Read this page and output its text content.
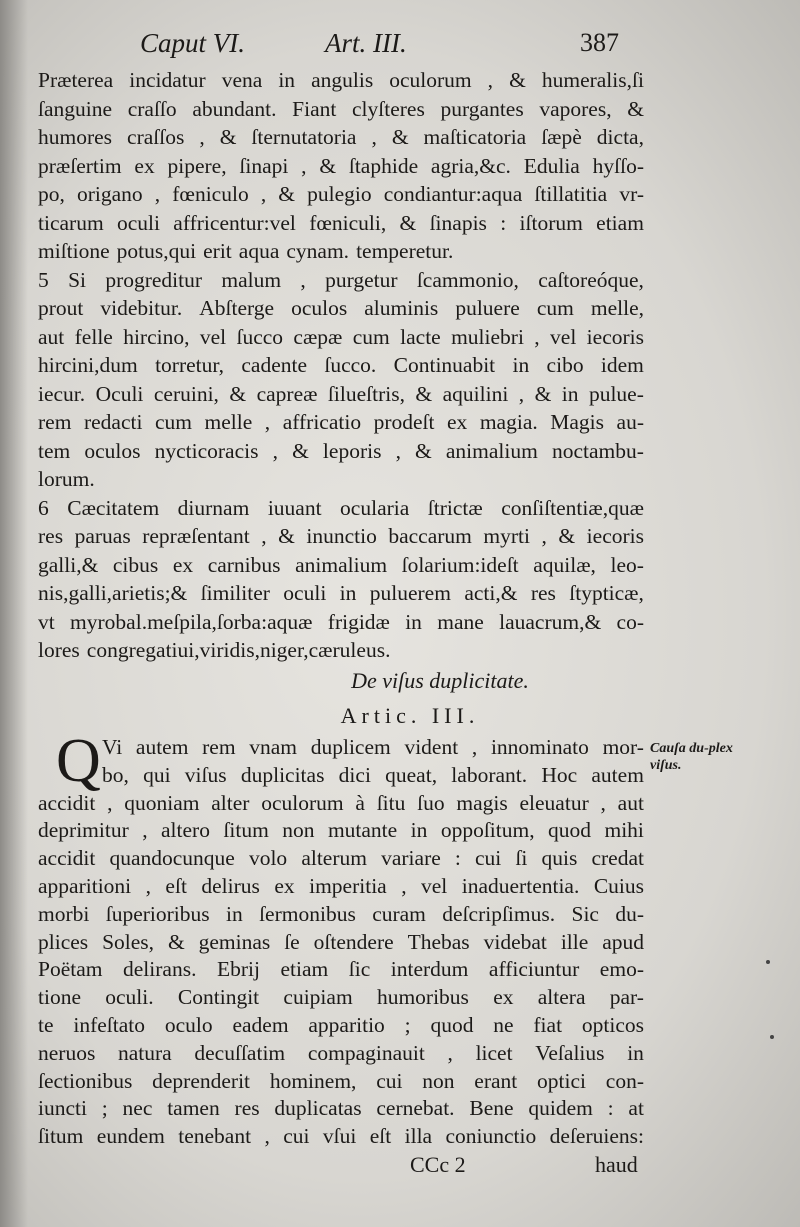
Caput VI.	Art. III.	387
Præterea incidatur vena in angulis oculorum , & humeralis,ſi
ſanguine craſſo abundant. Fiant clyſteres purgantes vapores, &
humores craſſos , & ſternutatoria , & maſticatoria ſæpè dicta,
præſertim ex pipere, ſinapi , & ſtaphide agria,&c. Edulia hyſſo-
po, origano , fœniculo , & pulegio condiantur:aqua ſtillatitia vr-
ticarum oculi affricentur:vel fœniculi, & ſinapis : iſtorum etiam
miſtione potus,qui erit aqua cynam. temperetur.
5 Si progreditur malum , purgetur ſcammonio, caſtoreóque,
prout videbitur. Abſterge oculos aluminis puluere cum melle,
aut felle hircino, vel ſucco cæpæ cum lacte muliebri , vel iecoris
hircini,dum torretur, cadente ſucco. Continuabit in cibo idem
iecur. Oculi ceruini, & capreæ ſilueſtris, & aquilini , & in pulue-
rem redacti cum melle , affricatio prodeſt ex magia. Magis au-
tem oculos nycticoracis , & leporis , & animalium noctambu-
lorum.
6 Cæcitatem diurnam iuuant ocularia ſtrictæ conſiſtentiæ,quæ
res paruas repræſentant , & inunctio baccarum myrti , & iecoris
galli,& cibus ex carnibus animalium ſolarium:ideſt aquilæ, leo-
nis,galli,arietis;& ſimiliter oculi in puluerem acti,& res ſtypticæ,
vt myrobal.meſpila,ſorba:aquæ frigidæ in mane lauacrum,& co-
lores congregatiui,viridis,niger,cæruleus.
De viſus duplicitate.
Artic. III.
Q Vi autem rem vnam duplicem vident , innominato mor-
bo, qui viſus duplicitas dici queat, laborant. Hoc autem
accidit , quoniam alter oculorum à ſitu ſuo magis eleuatur , aut
deprimitur , altero ſitum non mutante in oppoſitum, quod mihi
accidit quandocunque volo alterum variare : cui ſi quis credat
apparitioni , eſt delirus ex imperitia , vel inaduertentia. Cuius
morbi ſuperioribus in ſermonibus curam deſcripſimus. Sic du-
plices Soles, & geminas ſe oſtendere Thebas videbat ille apud
Poëtam delirans. Ebrij etiam ſic interdum afficiuntur emo-
tione oculi. Contingit cuipiam humoribus ex altera par-
te infeſtato oculo eadem apparitio ; quod ne fiat opticos
neruos natura decuſſatim compaginauit , licet Veſalius in
ſectionibus deprenderit hominem, cui non erant optici con-
iuncti ; nec tamen res duplicatas cernebat. Bene quidem : at
ſitum eundem tenebant , cui vſui eſt illa coniunctio deſeruiens:
Cauſa du-plex viſus.
CCc 2	haud
